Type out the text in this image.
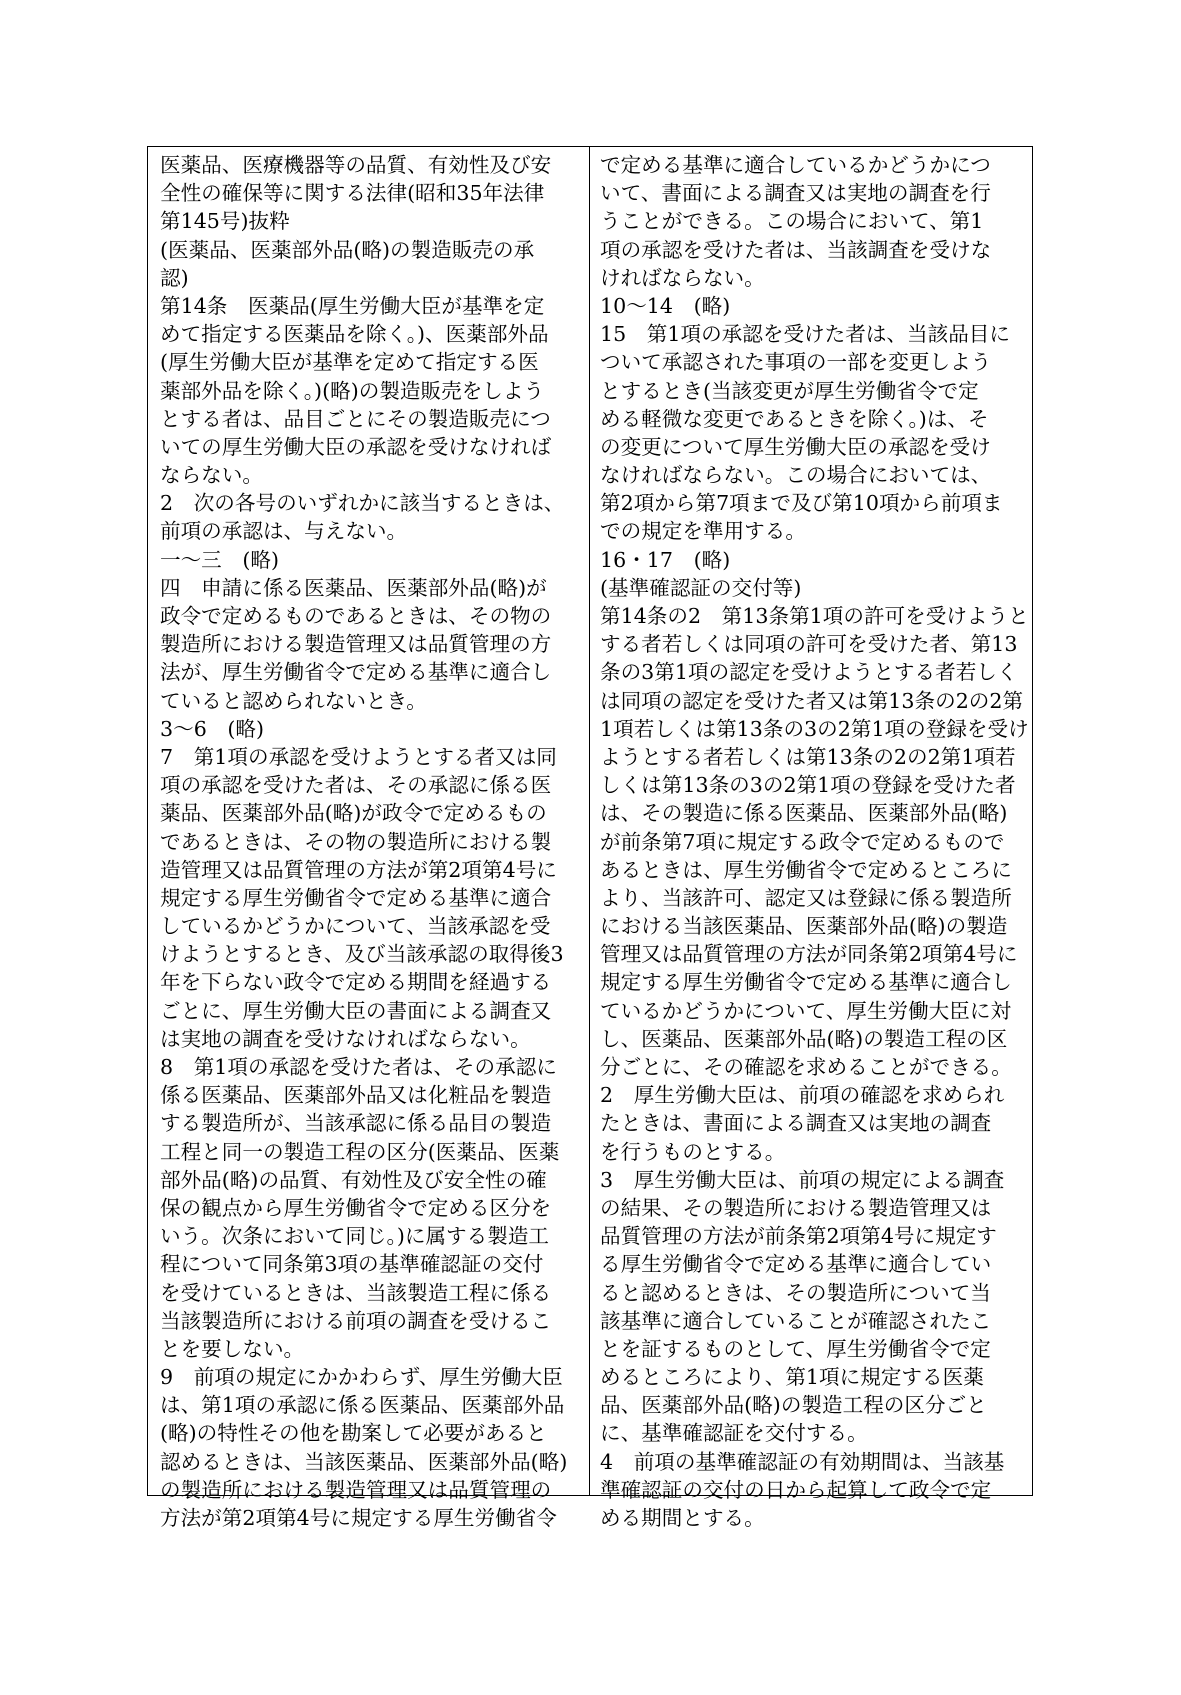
医薬品、医療機器等の品質、有効性及び安
全性の確保等に関する法律(昭和35年法律
第145号)抜粋
(医薬品、医薬部外品(略)の製造販売の承
認)
第14条　医薬品(厚生労働大臣が基準を定
めて指定する医薬品を除く。)、医薬部外品
(厚生労働大臣が基準を定めて指定する医
薬部外品を除く。)(略)の製造販売をしよう
とする者は、品目ごとにその製造販売につ
いての厚生労働大臣の承認を受けなければ
ならない。
2　次の各号のいずれかに該当するときは、
前項の承認は、与えない。
一～三　(略)
四　申請に係る医薬品、医薬部外品(略)が
政令で定めるものであるときは、その物の
製造所における製造管理又は品質管理の方
法が、厚生労働省令で定める基準に適合し
ていると認められないとき。
3～6　(略)
7　第1項の承認を受けようとする者又は同
項の承認を受けた者は、その承認に係る医
薬品、医薬部外品(略)が政令で定めるもの
であるときは、その物の製造所における製
造管理又は品質管理の方法が第2項第4号に
規定する厚生労働省令で定める基準に適合
しているかどうかについて、当該承認を受
けようとするとき、及び当該承認の取得後3
年を下らない政令で定める期間を経過する
ごとに、厚生労働大臣の書面による調査又
は実地の調査を受けなければならない。
8　第1項の承認を受けた者は、その承認に
係る医薬品、医薬部外品又は化粧品を製造
する製造所が、当該承認に係る品目の製造
工程と同一の製造工程の区分(医薬品、医薬
部外品(略)の品質、有効性及び安全性の確
保の観点から厚生労働省令で定める区分を
いう。次条において同じ。)に属する製造工
程について同条第3項の基準確認証の交付
を受けているときは、当該製造工程に係る
当該製造所における前項の調査を受けるこ
とを要しない。
9　前項の規定にかかわらず、厚生労働大臣
は、第1項の承認に係る医薬品、医薬部外品
(略)の特性その他を勘案して必要があると
認めるときは、当該医薬品、医薬部外品(略)
の製造所における製造管理又は品質管理の
方法が第2項第4号に規定する厚生労働省令
で定める基準に適合しているかどうかにつ
いて、書面による調査又は実地の調査を行
うことができる。この場合において、第1
項の承認を受けた者は、当該調査を受けな
ければならない。
10～14　(略)
15　第1項の承認を受けた者は、当該品目に
ついて承認された事項の一部を変更しよう
とするとき(当該変更が厚生労働省令で定
める軽微な変更であるときを除く。)は、そ
の変更について厚生労働大臣の承認を受け
なければならない。この場合においては、
第2項から第7項まで及び第10項から前項ま
での規定を準用する。
16・17　(略)
(基準確認証の交付等)
第14条の2　第13条第1項の許可を受けようと
する者若しくは同項の許可を受けた者、第13
条の3第1項の認定を受けようとする者若しく
は同項の認定を受けた者又は第13条の2の2第
1項若しくは第13条の3の2第1項の登録を受け
ようとする者若しくは第13条の2の2第1項若
しくは第13条の3の2第1項の登録を受けた者
は、その製造に係る医薬品、医薬部外品(略)
が前条第7項に規定する政令で定めるもので
あるときは、厚生労働省令で定めるところに
より、当該許可、認定又は登録に係る製造所
における当該医薬品、医薬部外品(略)の製造
管理又は品質管理の方法が同条第2項第4号に
規定する厚生労働省令で定める基準に適合し
ているかどうかについて、厚生労働大臣に対
し、医薬品、医薬部外品(略)の製造工程の区
分ごとに、その確認を求めることができる。
2　厚生労働大臣は、前項の確認を求められ
たときは、書面による調査又は実地の調査
を行うものとする。
3　厚生労働大臣は、前項の規定による調査
の結果、その製造所における製造管理又は
品質管理の方法が前条第2項第4号に規定す
る厚生労働省令で定める基準に適合してい
ると認めるときは、その製造所について当
該基準に適合していることが確認されたこ
とを証するものとして、厚生労働省令で定
めるところにより、第1項に規定する医薬
品、医薬部外品(略)の製造工程の区分ごと
に、基準確認証を交付する。
4　前項の基準確認証の有効期間は、当該基
準確認証の交付の日から起算して政令で定
める期間とする。
